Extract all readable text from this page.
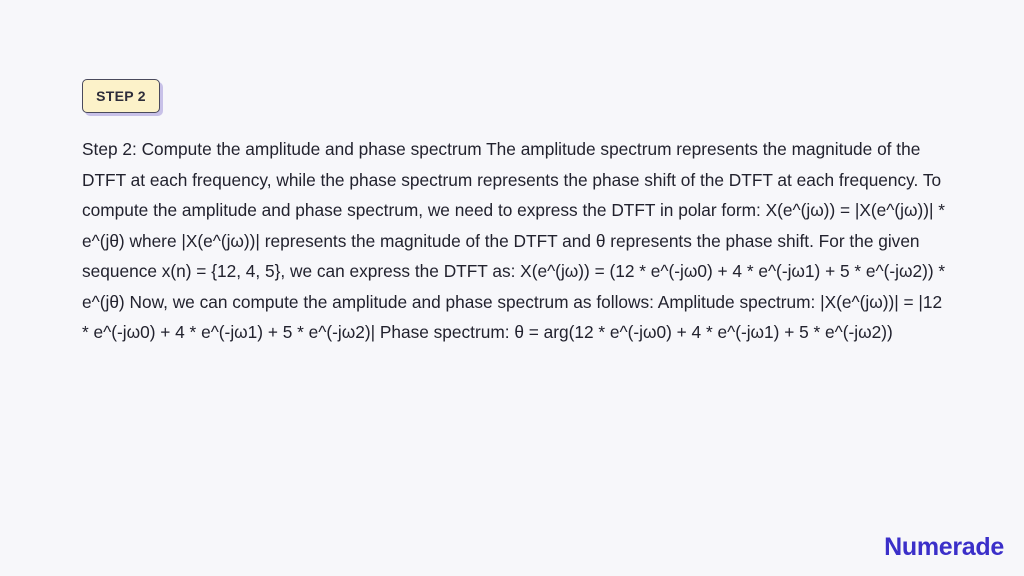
STEP 2

Step 2: Compute the amplitude and phase spectrum The amplitude spectrum represents the magnitude of the DTFT at each frequency, while the phase spectrum represents the phase shift of the DTFT at each frequency. To compute the amplitude and phase spectrum, we need to express the DTFT in polar form: X(e^(jω)) = |X(e^(jω))| * e^(jθ) where |X(e^(jω))| represents the magnitude of the DTFT and θ represents the phase shift. For the given sequence x(n) = {12, 4, 5}, we can express the DTFT as: X(e^(jω)) = (12 * e^(-jω0) + 4 * e^(-jω1) + 5 * e^(-jω2)) * e^(jθ) Now, we can compute the amplitude and phase spectrum as follows: Amplitude spectrum: |X(e^(jω))| = |12 * e^(-jω0) + 4 * e^(-jω1) + 5 * e^(-jω2)| Phase spectrum: θ = arg(12 * e^(-jω0) + 4 * e^(-jω1) + 5 * e^(-jω2))

Numerade
